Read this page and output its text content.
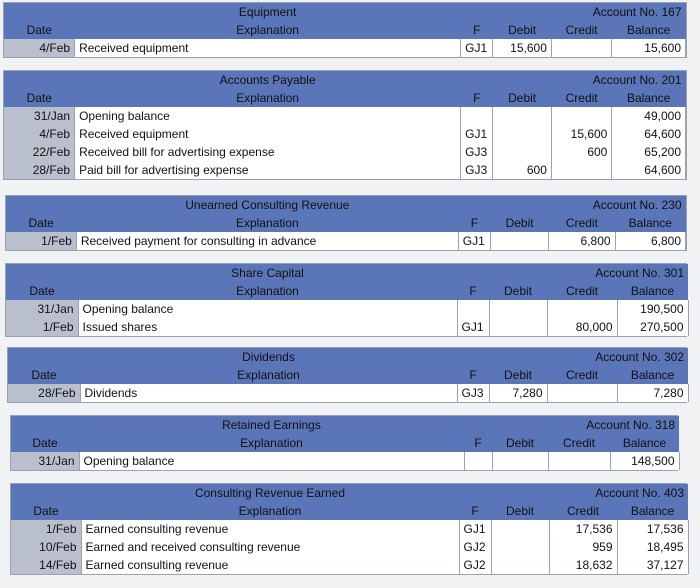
	Equipment		Account No. 167		
Date	Explanation	F	Debit	Credit	Balance
4/Feb	Received equipment	GJ1	15,600		15,600
	Accounts Payable		Account No. 201		
Date	Explanation	F	Debit	Credit	Balance
31/Jan	Opening balance				49,000
4/Feb	Received equipment	GJ1		15,600	64,600
22/Feb	Received bill for advertising expense	GJ3		600	65,200
28/Feb	Paid bill for advertising expense	GJ3	600		64,600
	Unearned Consulting Revenue		Account No. 230		
Date	Explanation	F	Debit	Credit	Balance
1/Feb	Received payment for consulting in advance	GJ1		6,800	6,800
	Share Capital		Account No. 301		
Date	Explanation	F	Debit	Credit	Balance
31/Jan	Opening balance				190,500
1/Feb	Issued shares	GJ1		80,000	270,500
	Dividends		Account No. 302		
Date	Explanation	F	Debit	Credit	Balance
28/Feb	Dividends	GJ3	7,280		7,280
	Retained Earnings		Account No. 318		
Date	Explanation	F	Debit	Credit	Balance
31/Jan	Opening balance				148,500
	Consulting Revenue Earned		Account No. 403		
Date	Explanation	F	Debit	Credit	Balance
1/Feb	Earned consulting revenue	GJ1		17,536	17,536
10/Feb	Earned and received consulting revenue	GJ2		959	18,495
14/Feb	Earned consulting revenue	GJ2		18,632	37,127
